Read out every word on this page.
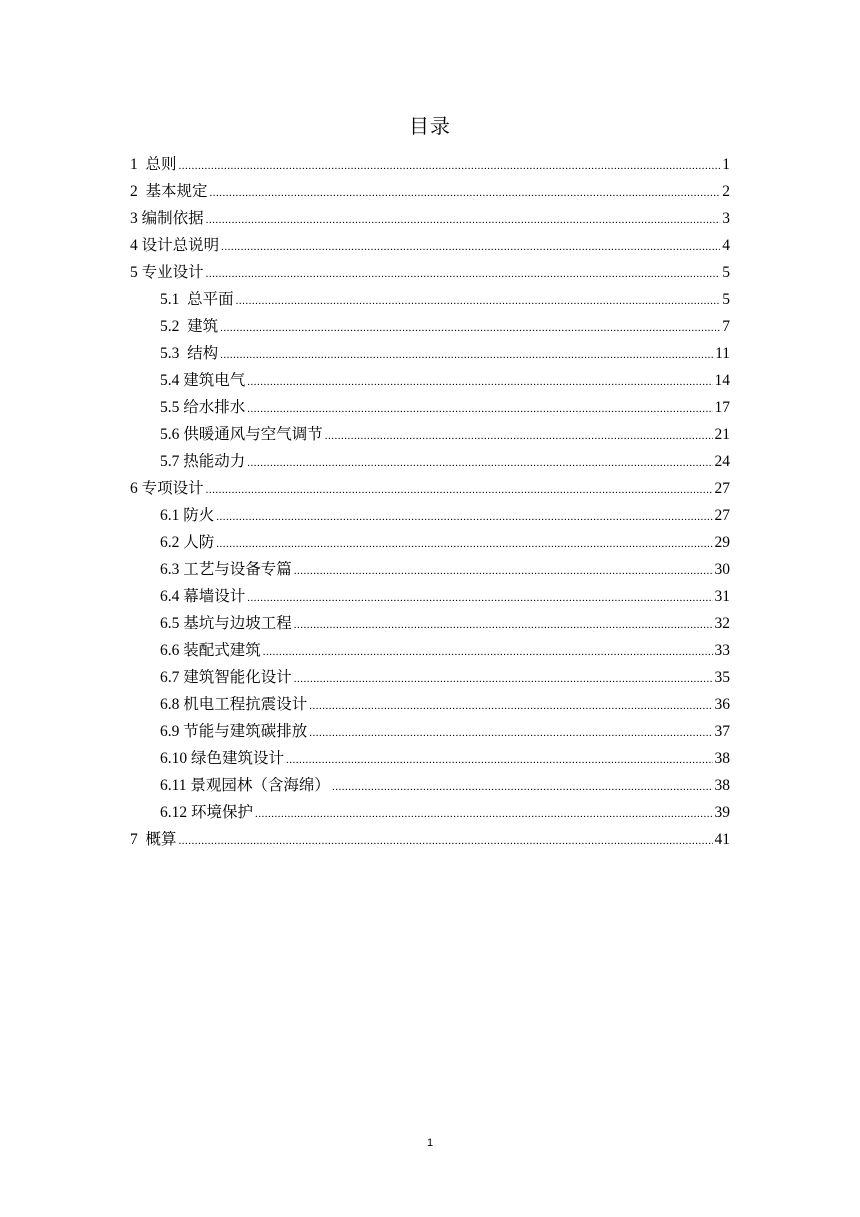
目录
1  总则 .....	1
2  基本规定 .....	2
3 编制依据 .....	3
4 设计总说明 .....	4
5 专业设计 .....	5
5.1  总平面 .....	5
5.2  建筑 .....	7
5.3  结构 .....	11
5.4 建筑电气 .....	14
5.5 给水排水 .....	17
5.6 供暖通风与空气调节 .....	21
5.7 热能动力 .....	24
6 专项设计 .....	27
6.1 防火 .....	27
6.2 人防 .....	29
6.3 工艺与设备专篇 .....	30
6.4 幕墙设计 .....	31
6.5 基坑与边坡工程 .....	32
6.6 装配式建筑 .....	33
6.7 建筑智能化设计 .....	35
6.8 机电工程抗震设计 .....	36
6.9 节能与建筑碳排放 .....	37
6.10 绿色建筑设计 .....	38
6.11 景观园林（含海绵） .....	38
6.12 环境保护 .....	39
7  概算 .....	41
1
